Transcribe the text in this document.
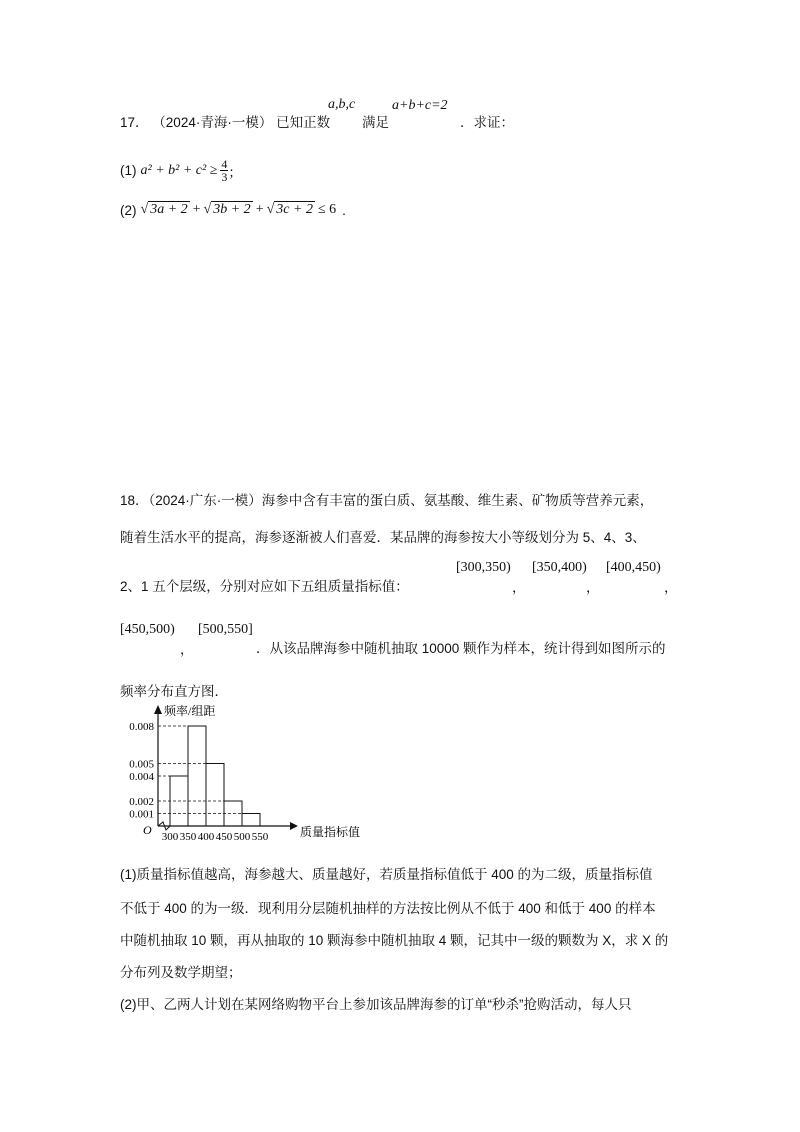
17． （2024·青海·一模） 已知正数
a,b,c
满足
a+b+c=2
．求证：
(1) $a^2 + b^2 + c^2 \ge \frac{4}{3}$ ；
(2) √ 3a + 2 + √ 3b + 2 + √ 3c + 2 ≤ 6 .
18．（2024·广东·一模）海参中含有丰富的蛋白质、氨基酸、维生素、矿物质等营养元素，
随着生活水平的提高，海参逐渐被人们喜爱．某品牌的海参按大小等级划分为 5、4、3、
2、1 五个层级，分别对应如下五组质量指标值：
[300,350)
，
[350,400)
，
[400,450)
，
[450,500)
，
[500,550]
．从该品牌海参中随机抽取 10000 颗作为样本，统计得到如图所示的
频率分布直方图．
0.008
0.005
0.004
0.002
0.001
300 350 400 450 500 550
频率/组距
质量指标值
O
(1)质量指标值越高，海参越大、质量越好，若质量指标值低于 400 的为二级，质量指标值
不低于 400 的为一级．现利用分层随机抽样的方法按比例从不低于 400 和低于 400 的样本
中随机抽取 10 颗，再从抽取的 10 颗海参中随机抽取 4 颗，记其中一级的颗数为 X，求 X 的
分布列及数学期望；
(2)甲、乙两人计划在某网络购物平台上参加该品牌海参的订单“秒杀”抢购活动，每人只
